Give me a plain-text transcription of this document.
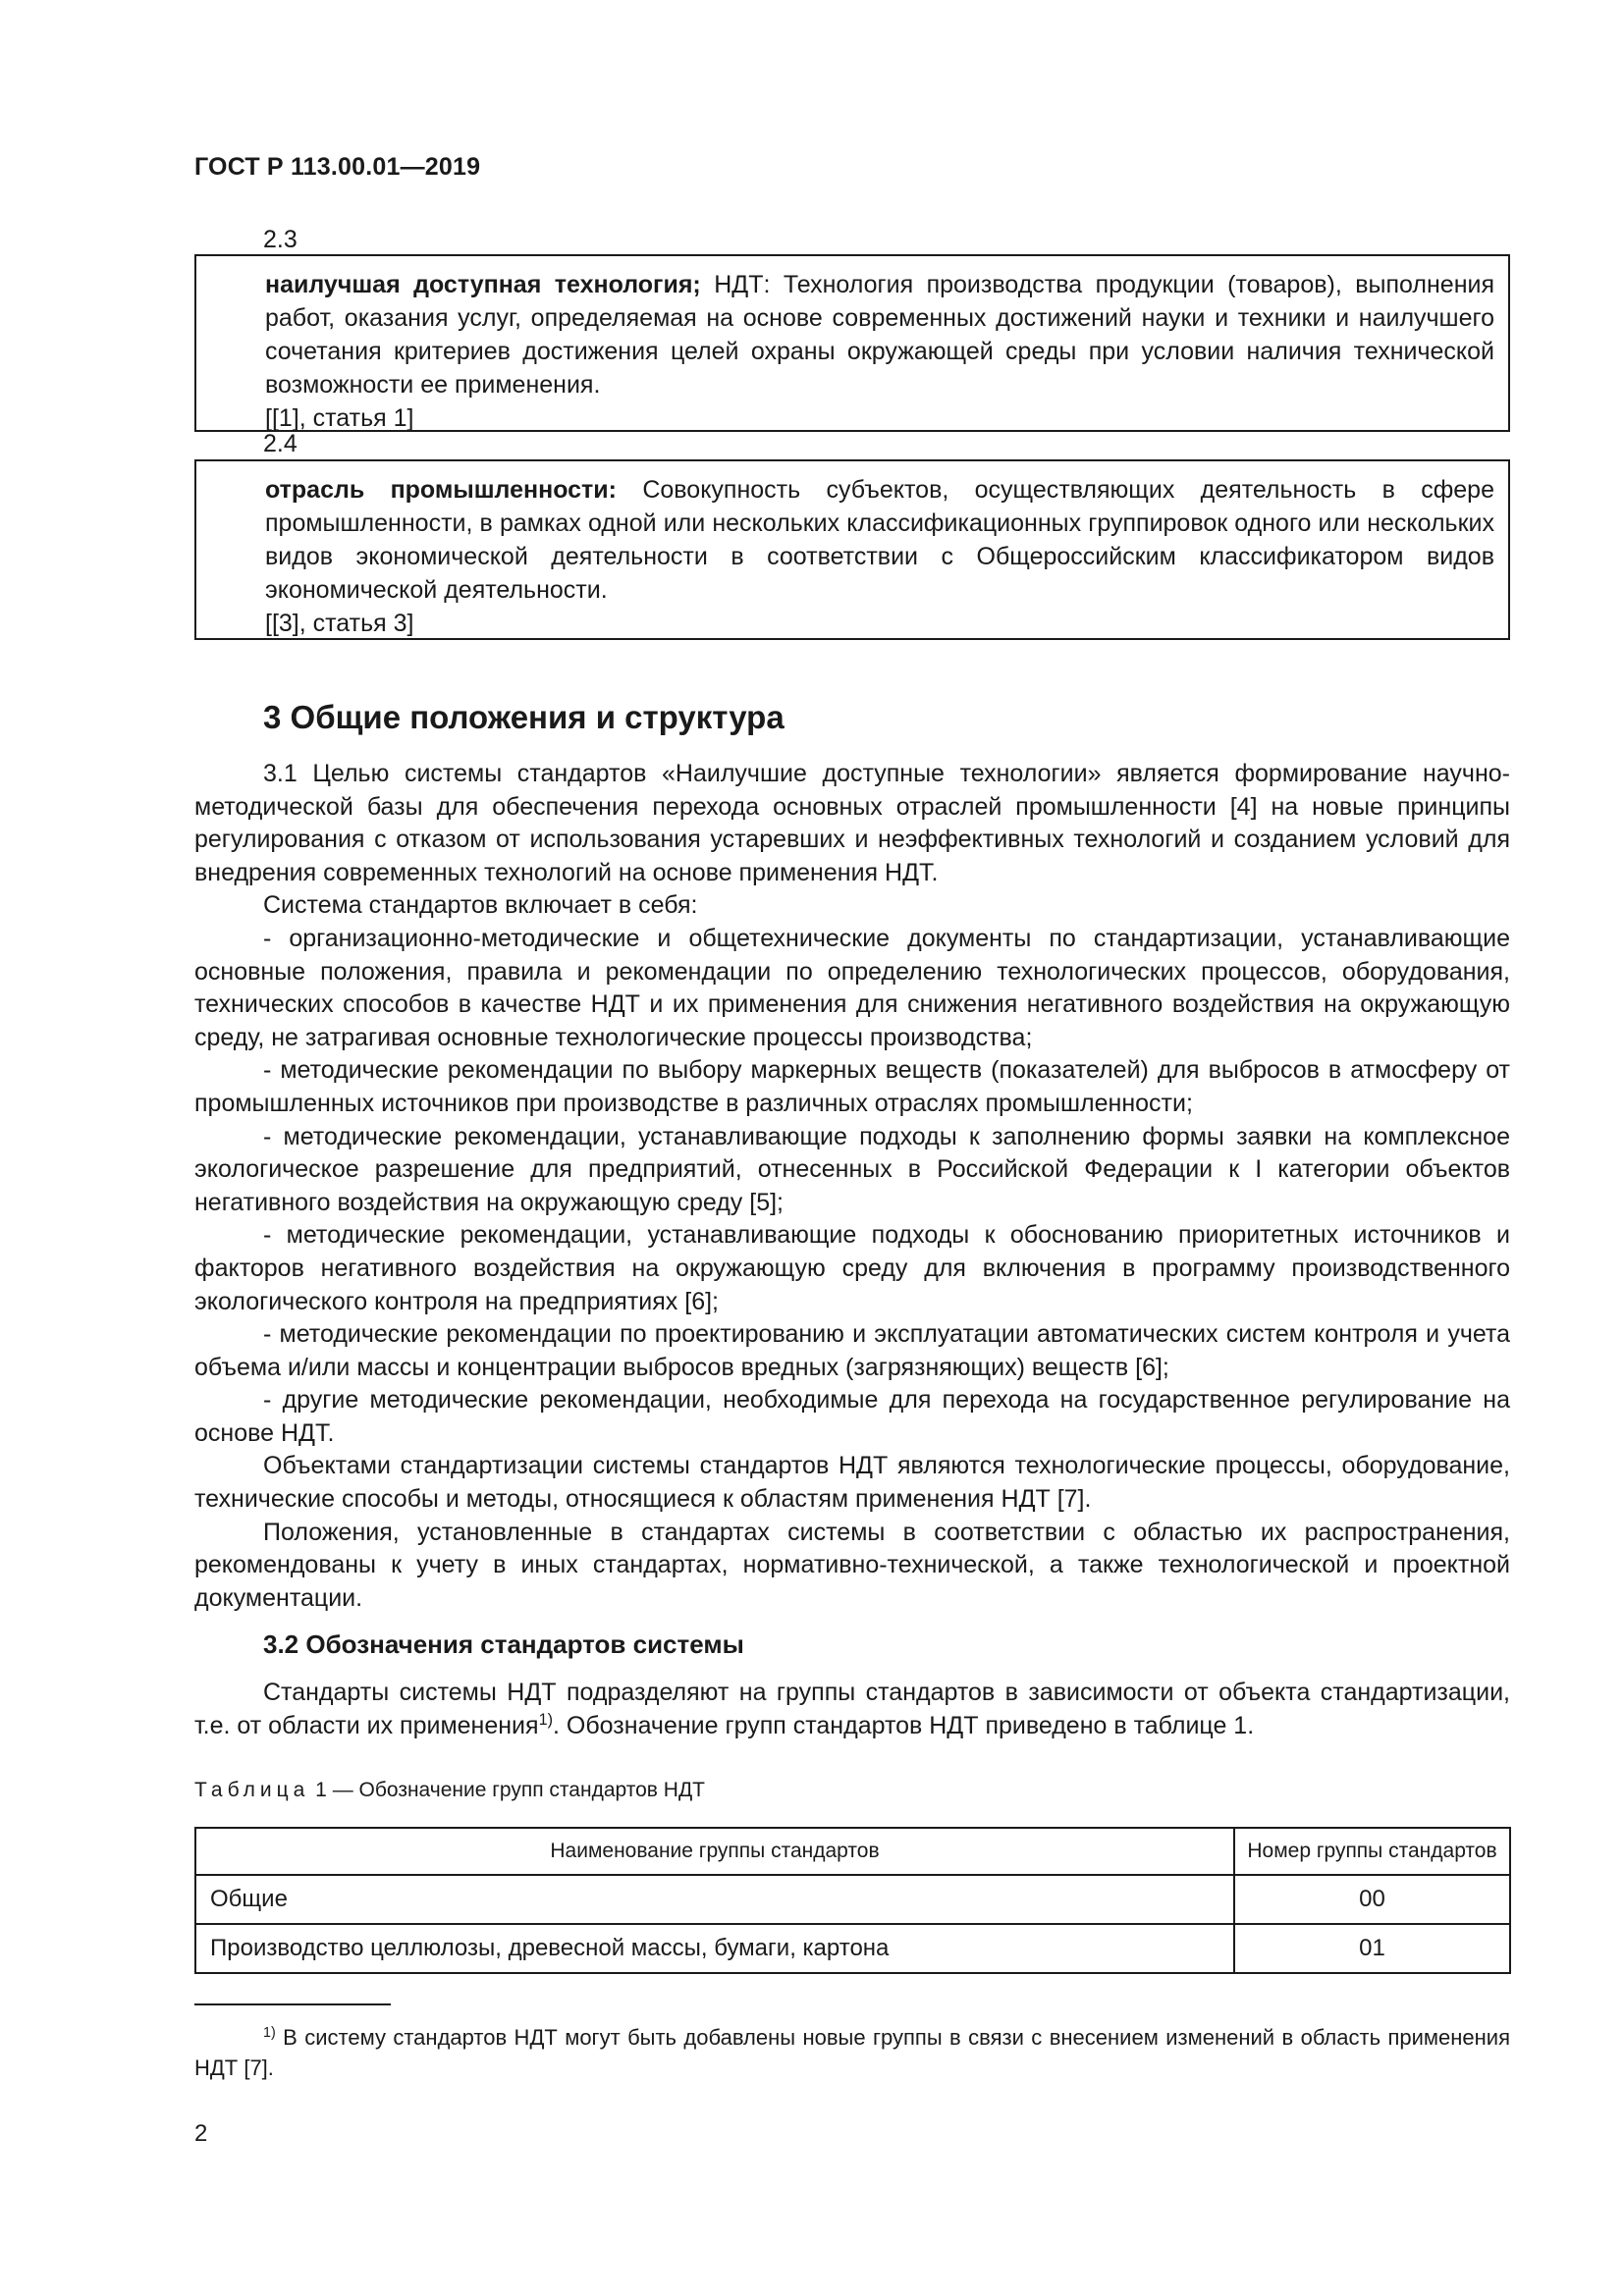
ГОСТ Р 113.00.01—2019
2.3
наилучшая доступная технология; НДТ: Технология производства продукции (товаров), выполнения работ, оказания услуг, определяемая на основе современных достижений науки и техники и наилучшего сочетания критериев достижения целей охраны окружающей среды при условии наличия технической возможности ее применения.
[[1], статья 1]
2.4
отрасль промышленности: Совокупность субъектов, осуществляющих деятельность в сфере промышленности, в рамках одной или нескольких классификационных группировок одного или нескольких видов экономической деятельности в соответствии с Общероссийским классификатором видов экономической деятельности.
[[3], статья 3]
3 Общие положения и структура

3.1 Целью системы стандартов «Наилучшие доступные технологии» является формирование научно-методической базы для обеспечения перехода основных отраслей промышленности [4] на новые принципы регулирования с отказом от использования устаревших и неэффективных технологий и созданием условий для внедрения современных технологий на основе применения НДТ.

Система стандартов включает в себя:

- организационно-методические и общетехнические документы по стандартизации, устанавливающие основные положения, правила и рекомендации по определению технологических процессов, оборудования, технических способов в качестве НДТ и их применения для снижения негативного воздействия на окружающую среду, не затрагивая основные технологические процессы производства;

- методические рекомендации по выбору маркерных веществ (показателей) для выбросов в атмосферу от промышленных источников при производстве в различных отраслях промышленности;

- методические рекомендации, устанавливающие подходы к заполнению формы заявки на комплексное экологическое разрешение для предприятий, отнесенных в Российской Федерации к I категории объектов негативного воздействия на окружающую среду [5];

- методические рекомендации, устанавливающие подходы к обоснованию приоритетных источников и факторов негативного воздействия на окружающую среду для включения в программу производственного экологического контроля на предприятиях [6];

- методические рекомендации по проектированию и эксплуатации автоматических систем контроля и учета объема и/или массы и концентрации выбросов вредных (загрязняющих) веществ [6];

- другие методические рекомендации, необходимые для перехода на государственное регулирование на основе НДТ.

Объектами стандартизации системы стандартов НДТ являются технологические процессы, оборудование, технические способы и методы, относящиеся к областям применения НДТ [7].

Положения, установленные в стандартах системы в соответствии с областью их распространения, рекомендованы к учету в иных стандартах, нормативно-технической, а также технологической и проектной документации.

3.2 Обозначения стандартов системы

Стандарты системы НДТ подразделяют на группы стандартов в зависимости от объекта стандартизации, т.е. от области их применения$^{1)}$. Обозначение групп стандартов НДТ приведено в таблице 1.

Таблица 1 — Обозначение групп стандартов НДТ
Наименование группы стандартов	Номер группы стандартов
Общие	00
Производство целлюлозы, древесной массы, бумаги, картона	01
$^{1)}$ В систему стандартов НДТ могут быть добавлены новые группы в связи с внесением изменений в область применения НДТ [7].
2
